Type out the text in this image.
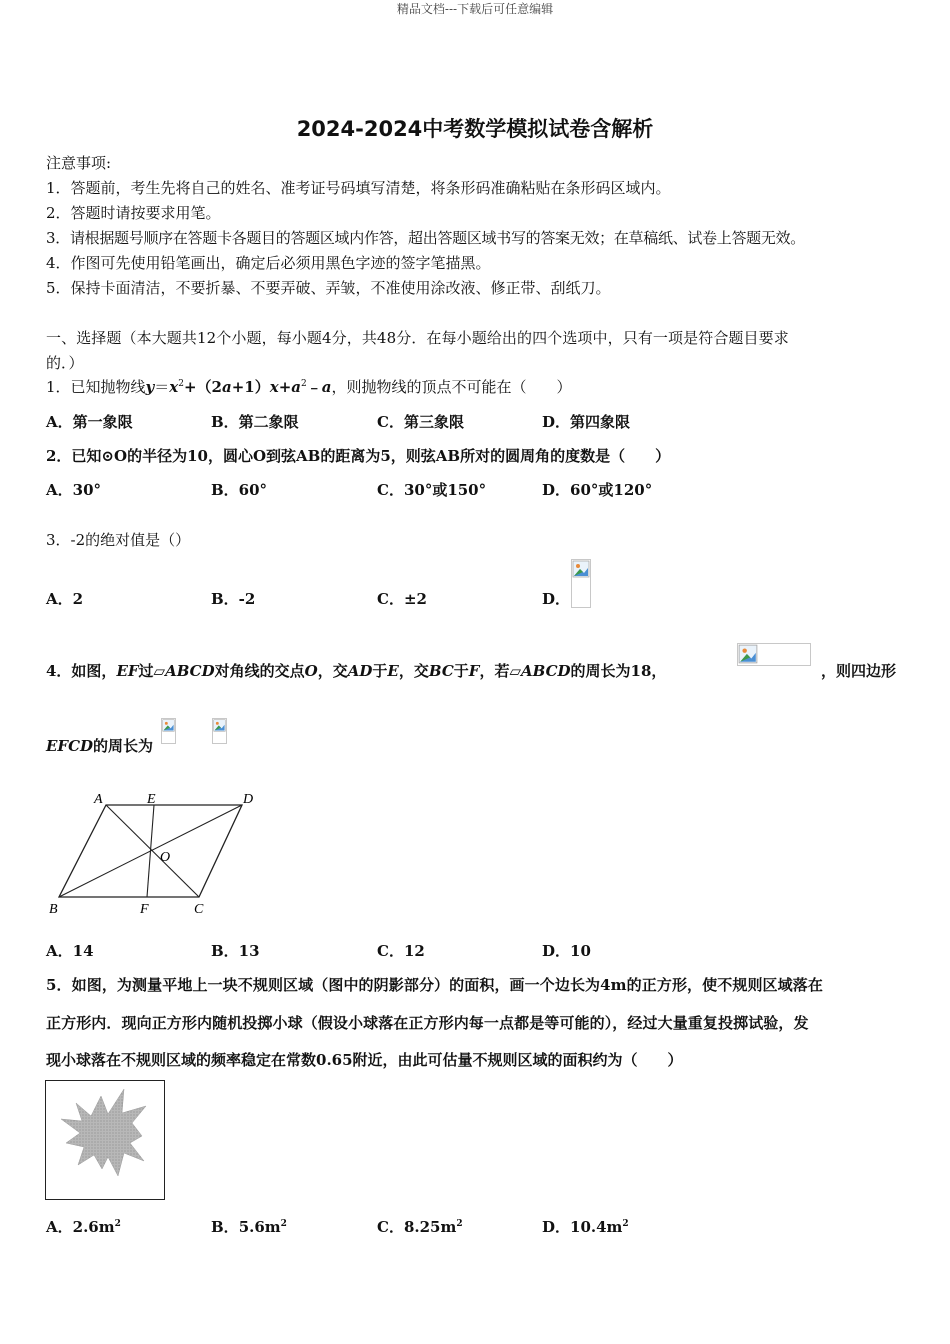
精品文档---下载后可任意编辑
2024-2024中考数学模拟试卷含解析
注意事项:
1．答题前，考生先将自己的姓名、准考证号码填写清楚，将条形码准确粘贴在条形码区域内。
2．答题时请按要求用笔。
3．请根据题号顺序在答题卡各题目的答题区域内作答，超出答题区域书写的答案无效；在草稿纸、试卷上答题无效。
4．作图可先使用铅笔画出，确定后必须用黑色字迹的签字笔描黑。
5．保持卡面清洁，不要折暴、不要弄破、弄皱，不准使用涂改液、修正带、刮纸刀。
一、选择题（本大题共12个小题，每小题4分，共48分．在每小题给出的四个选项中，只有一项是符合题目要求
的．）
1．已知抛物线$y=x^2+(2a+1)x+a^2﹣a$，则抛物线的顶点不可能在（　　）
A．第一象限	B．第二象限	C．第三象限	D．第四象限
2．已知⊙O的半径为10，圆心O到弦AB的距离为5，则弦AB所对的圆周角的度数是（　　）
A．30°	B．60°	C．30°或150°	D．60°或120°
3．-2的绝对值是（）
A．2	B．-2	C．±2	D．
4．如图，EF过▱ABCD对角线的交点O，交AD于E，交BC于F，若▱ABCD的周长为18，	，则四边形
EFCD的周长为
A	E	D
O
B	F	C
A．14	B．13	C．12	D．10
5．如图，为测量平地上一块不规则区域（图中的阴影部分）的面积，画一个边长为4m的正方形，使不规则区域落在
正方形内．现向正方形内随机投掷小球（假设小球落在正方形内每一点都是等可能的），经过大量重复投掷试验，发
现小球落在不规则区域的频率稳定在常数0.65附近，由此可估量不规则区域的面积约为（　　）
A．$2.6m^2$	B．$5.6m^2$	C．$8.25m^2$	D．$10.4m^2$
